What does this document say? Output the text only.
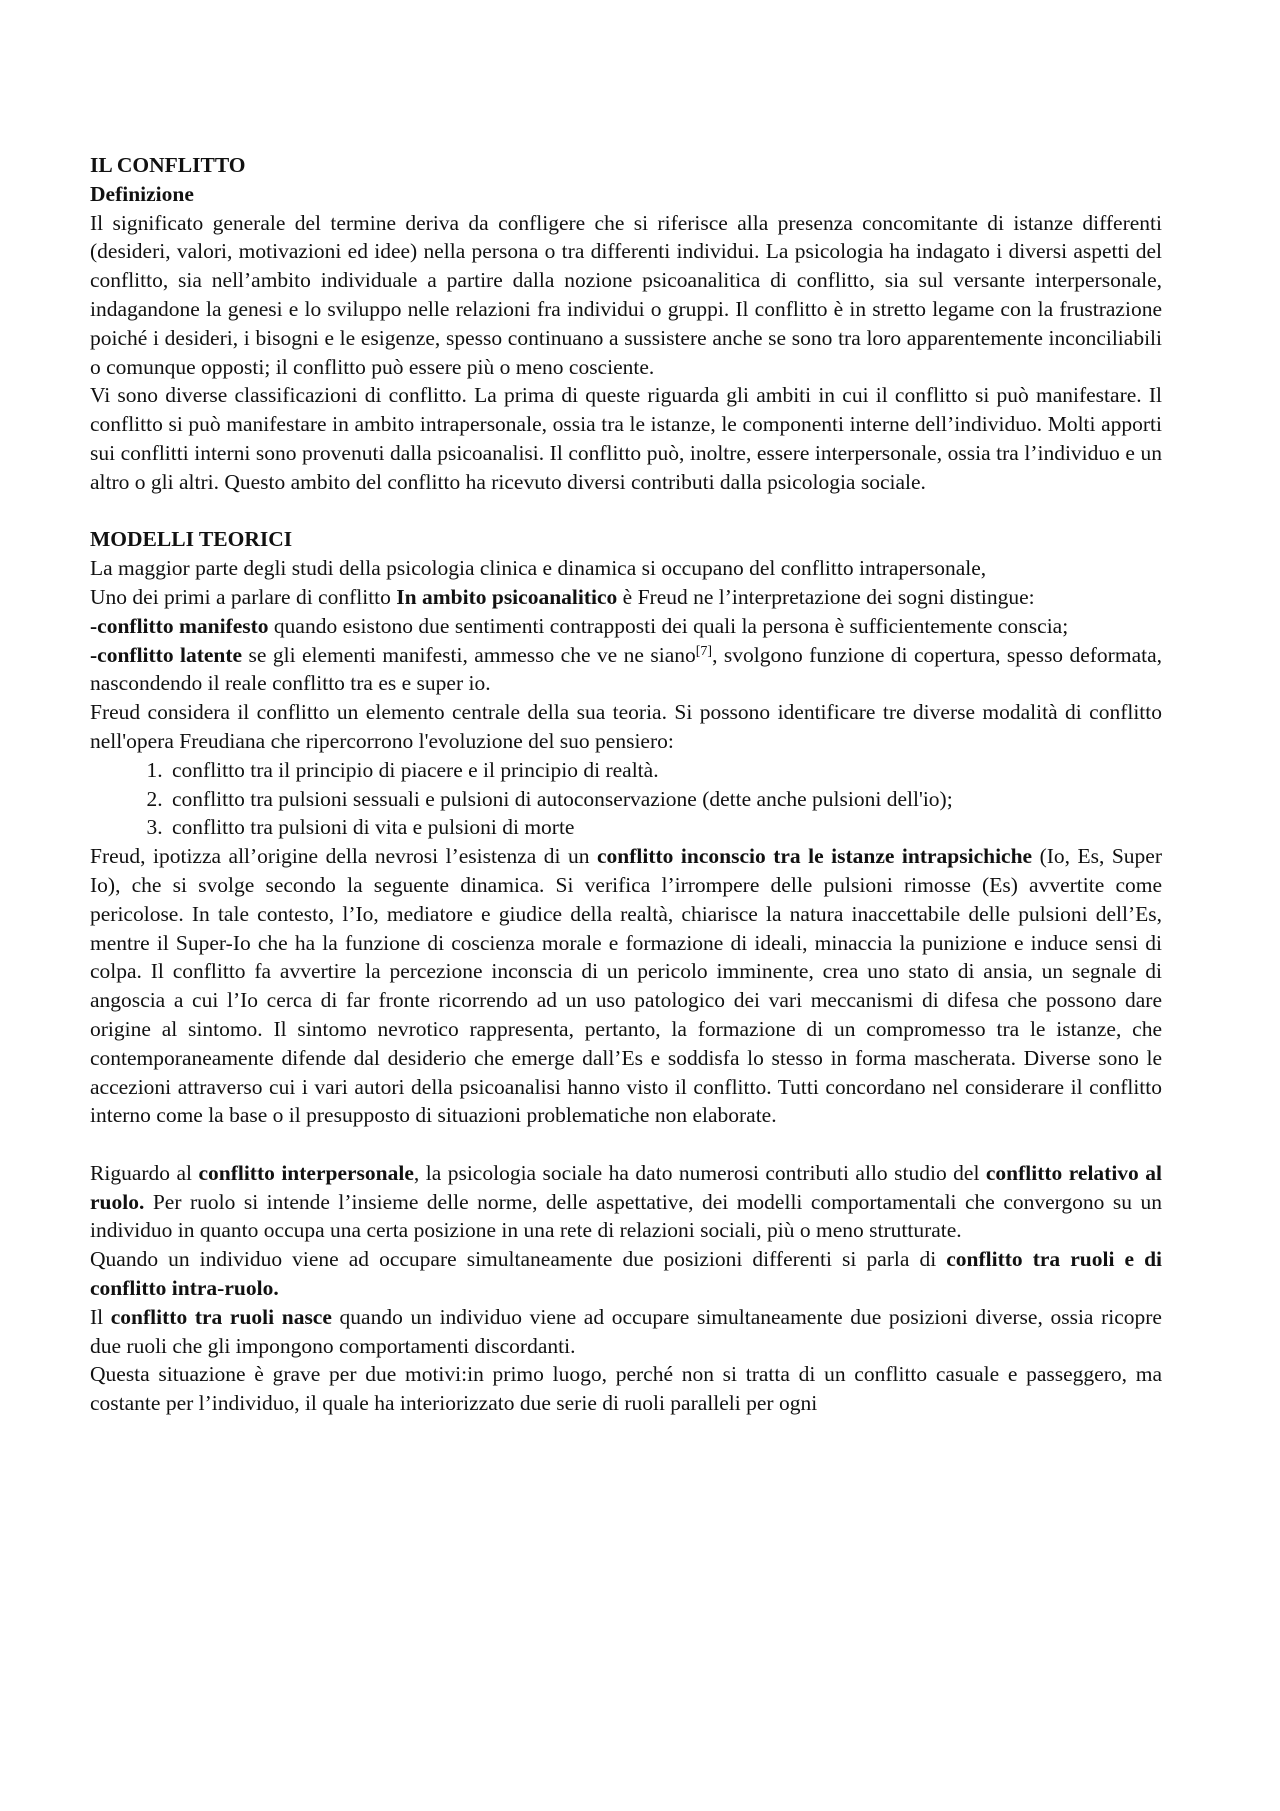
IL CONFLITTO

Definizione

Il significato generale del termine deriva da confligere che si riferisce alla presenza concomitante di istanze differenti (desideri, valori, motivazioni ed idee) nella persona o tra differenti individui. La psicologia ha indagato i diversi aspetti del conflitto, sia nell’ambito individuale a partire dalla nozione psicoanalitica di conflitto, sia sul versante interpersonale, indagandone la genesi e lo sviluppo nelle relazioni fra individui o gruppi. Il conflitto è in stretto legame con la frustrazione poiché i desideri, i bisogni e le esigenze, spesso continuano a sussistere anche se sono tra loro apparentemente inconciliabili o comunque opposti; il conflitto può essere più o meno cosciente.

Vi sono diverse classificazioni di conflitto. La prima di queste riguarda gli ambiti in cui il conflitto si può manifestare. Il conflitto si può manifestare in ambito intrapersonale, ossia tra le istanze, le componenti interne dell’individuo. Molti apporti sui conflitti interni sono provenuti dalla psicoanalisi. Il conflitto può, inoltre, essere interpersonale, ossia tra l’individuo e un altro o gli altri. Questo ambito del conflitto ha ricevuto diversi contributi dalla psicologia sociale.

MODELLI TEORICI

La maggior parte degli studi della psicologia clinica e dinamica si occupano del conflitto intrapersonale,

Uno dei primi a parlare di conflitto In ambito psicoanalitico è Freud ne l’interpretazione dei sogni distingue:

-conflitto manifesto quando esistono due sentimenti contrapposti dei quali la persona è sufficientemente conscia;

-conflitto latente se gli elementi manifesti, ammesso che ve ne siano[7], svolgono funzione di copertura, spesso deformata, nascondendo il reale conflitto tra es e super io.

Freud considera il conflitto un elemento centrale della sua teoria. Si possono identificare tre diverse modalità di conflitto nell'opera Freudiana che ripercorrono l'evoluzione del suo pensiero:

1. conflitto tra il principio di piacere e il principio di realtà.
2. conflitto tra pulsioni sessuali e pulsioni di autoconservazione (dette anche pulsioni dell'io);
3. conflitto tra pulsioni di vita e pulsioni di morte

Freud, ipotizza all’origine della nevrosi l’esistenza di un conflitto inconscio tra le istanze intrapsichiche (Io, Es, Super Io), che si svolge secondo la seguente dinamica. Si verifica l’irrompere delle pulsioni rimosse (Es) avvertite come pericolose. In tale contesto, l’Io, mediatore e giudice della realtà, chiarisce la natura inaccettabile delle pulsioni dell’Es, mentre il Super-Io che ha la funzione di coscienza morale e formazione di ideali, minaccia la punizione e induce sensi di colpa. Il conflitto fa avvertire la percezione inconscia di un pericolo imminente, crea uno stato di ansia, un segnale di angoscia a cui l’Io cerca di far fronte ricorrendo ad un uso patologico dei vari meccanismi di difesa che possono dare origine al sintomo. Il sintomo nevrotico rappresenta, pertanto, la formazione di un compromesso tra le istanze, che contemporaneamente difende dal desiderio che emerge dall’Es e soddisfa lo stesso in forma mascherata. Diverse sono le accezioni attraverso cui i vari autori della psicoanalisi hanno visto il conflitto. Tutti concordano nel considerare il conflitto interno come la base o il presupposto di situazioni problematiche non elaborate.

Riguardo al conflitto interpersonale, la psicologia sociale ha dato numerosi contributi allo studio del conflitto relativo al ruolo. Per ruolo si intende l’insieme delle norme, delle aspettative, dei modelli comportamentali che convergono su un individuo in quanto occupa una certa posizione in una rete di relazioni sociali, più o meno strutturate.

Quando un individuo viene ad occupare simultaneamente due posizioni differenti si parla di conflitto tra ruoli e di conflitto intra-ruolo.

Il conflitto tra ruoli nasce quando un individuo viene ad occupare simultaneamente due posizioni diverse, ossia ricopre due ruoli che gli impongono comportamenti discordanti.

Questa situazione è grave per due motivi:in primo luogo, perché non si tratta di un conflitto casuale e passeggero, ma costante per l’individuo, il quale ha interiorizzato due serie di ruoli paralleli per ogni
